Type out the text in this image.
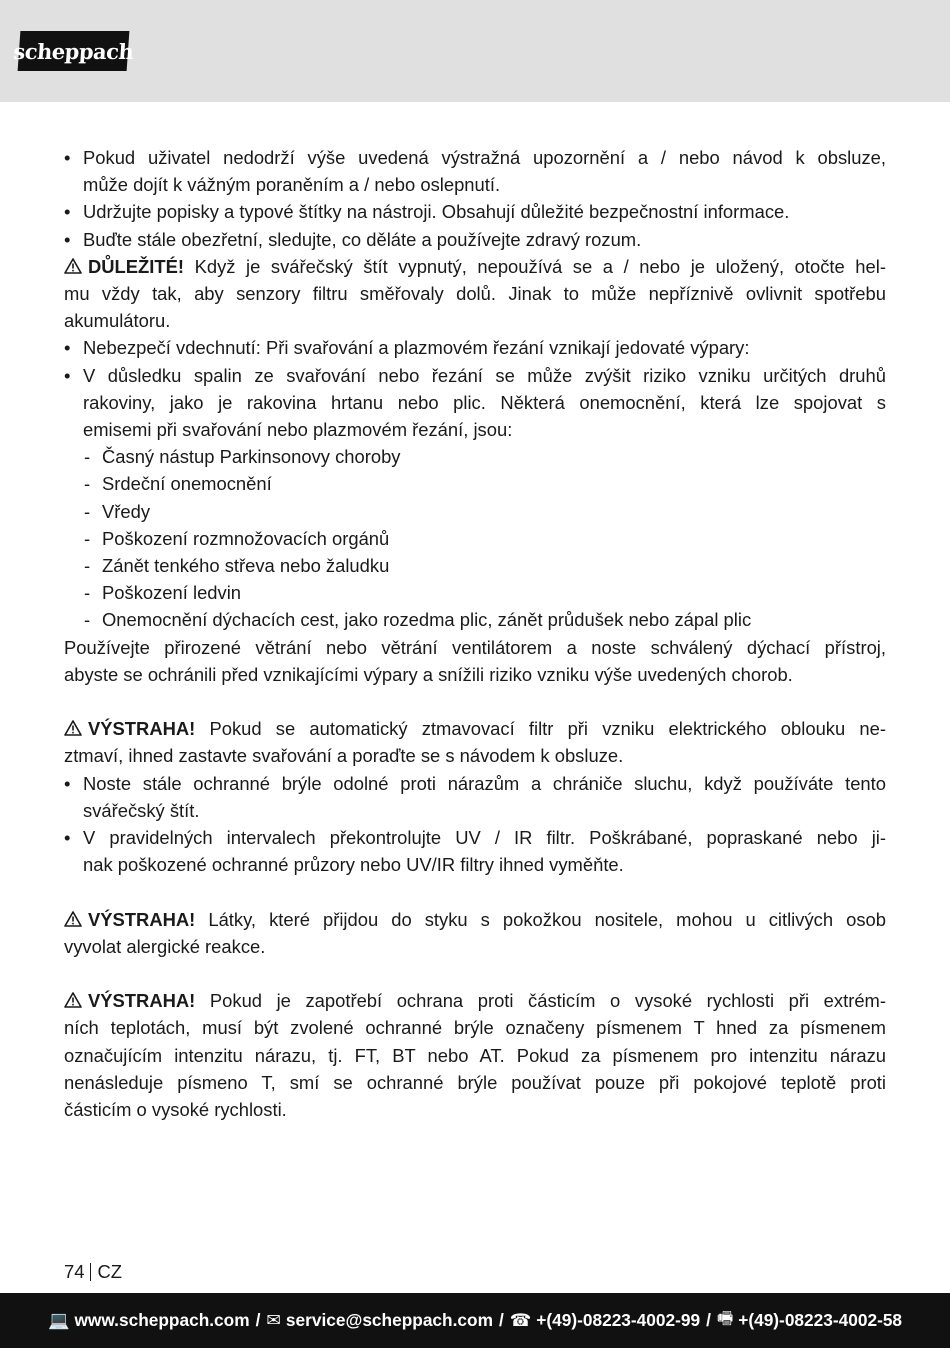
scheppach
• Pokud uživatel nedodrží výše uvedená výstražná upozornění a / nebo návod k obsluze,
může dojít k vážným poraněním a / nebo oslepnutí.
• Udržujte popisky a typové štítky na nástroji. Obsahují důležité bezpečnostní informace.
• Buďte stále obezřetní, sledujte, co děláte a používejte zdravý rozum.
DŮLEŽITÉ! Když je svářečský štít vypnutý, nepoužívá se a / nebo je uložený, otočte hel-
mu vždy tak, aby senzory filtru směřovaly dolů. Jinak to může nepříznivě ovlivnit spotřebu
akumulátoru.
• Nebezpečí vdechnutí: Při svařování a plazmovém řezání vznikají jedovaté výpary:
• V důsledku spalin ze svařování nebo řezání se může zvýšit riziko vzniku určitých druhů
rakoviny, jako je rakovina hrtanu nebo plic. Některá onemocnění, která lze spojovat s
emisemi při svařování nebo plazmovém řezání, jsou:
- Časný nástup Parkinsonovy choroby
- Srdeční onemocnění
- Vředy
- Poškození rozmnožovacích orgánů
- Zánět tenkého střeva nebo žaludku
- Poškození ledvin
- Onemocnění dýchacích cest, jako rozedma plic, zánět průdušek nebo zápal plic
Používejte přirozené větrání nebo větrání ventilátorem a noste schválený dýchací přístroj,
abyste se ochránili před vznikajícími výpary a snížili riziko vzniku výše uvedených chorob.
VÝSTRAHA! Pokud se automatický ztmavovací filtr při vzniku elektrického oblouku ne-
ztmaví, ihned zastavte svařování a poraďte se s návodem k obsluze.
• Noste stále ochranné brýle odolné proti nárazům a chrániče sluchu, když používáte tento
svářečský štít.
• V pravidelných intervalech překontrolujte UV / IR filtr. Poškrábané, popraskané nebo ji-
nak poškozené ochranné průzory nebo UV/IR filtry ihned vyměňte.
VÝSTRAHA! Látky, které přijdou do styku s pokožkou nositele, mohou u citlivých osob
vyvolat alergické reakce.
VÝSTRAHA! Pokud je zapotřebí ochrana proti částicím o vysoké rychlosti při extrém-
ních teplotách, musí být zvolené ochranné brýle označeny písmenem T hned za písmenem
označujícím intenzitu nárazu, tj. FT, BT nebo AT. Pokud za písmenem pro intenzitu nárazu
nenásleduje písmeno T, smí se ochranné brýle používat pouze při pokojové teplotě proti
částicím o vysoké rychlosti.
74 CZ
💻 www.scheppach.com / ✉ service@scheppach.com / ☎ +(49)-08223-4002-99 / 🖷 +(49)-08223-4002-58
